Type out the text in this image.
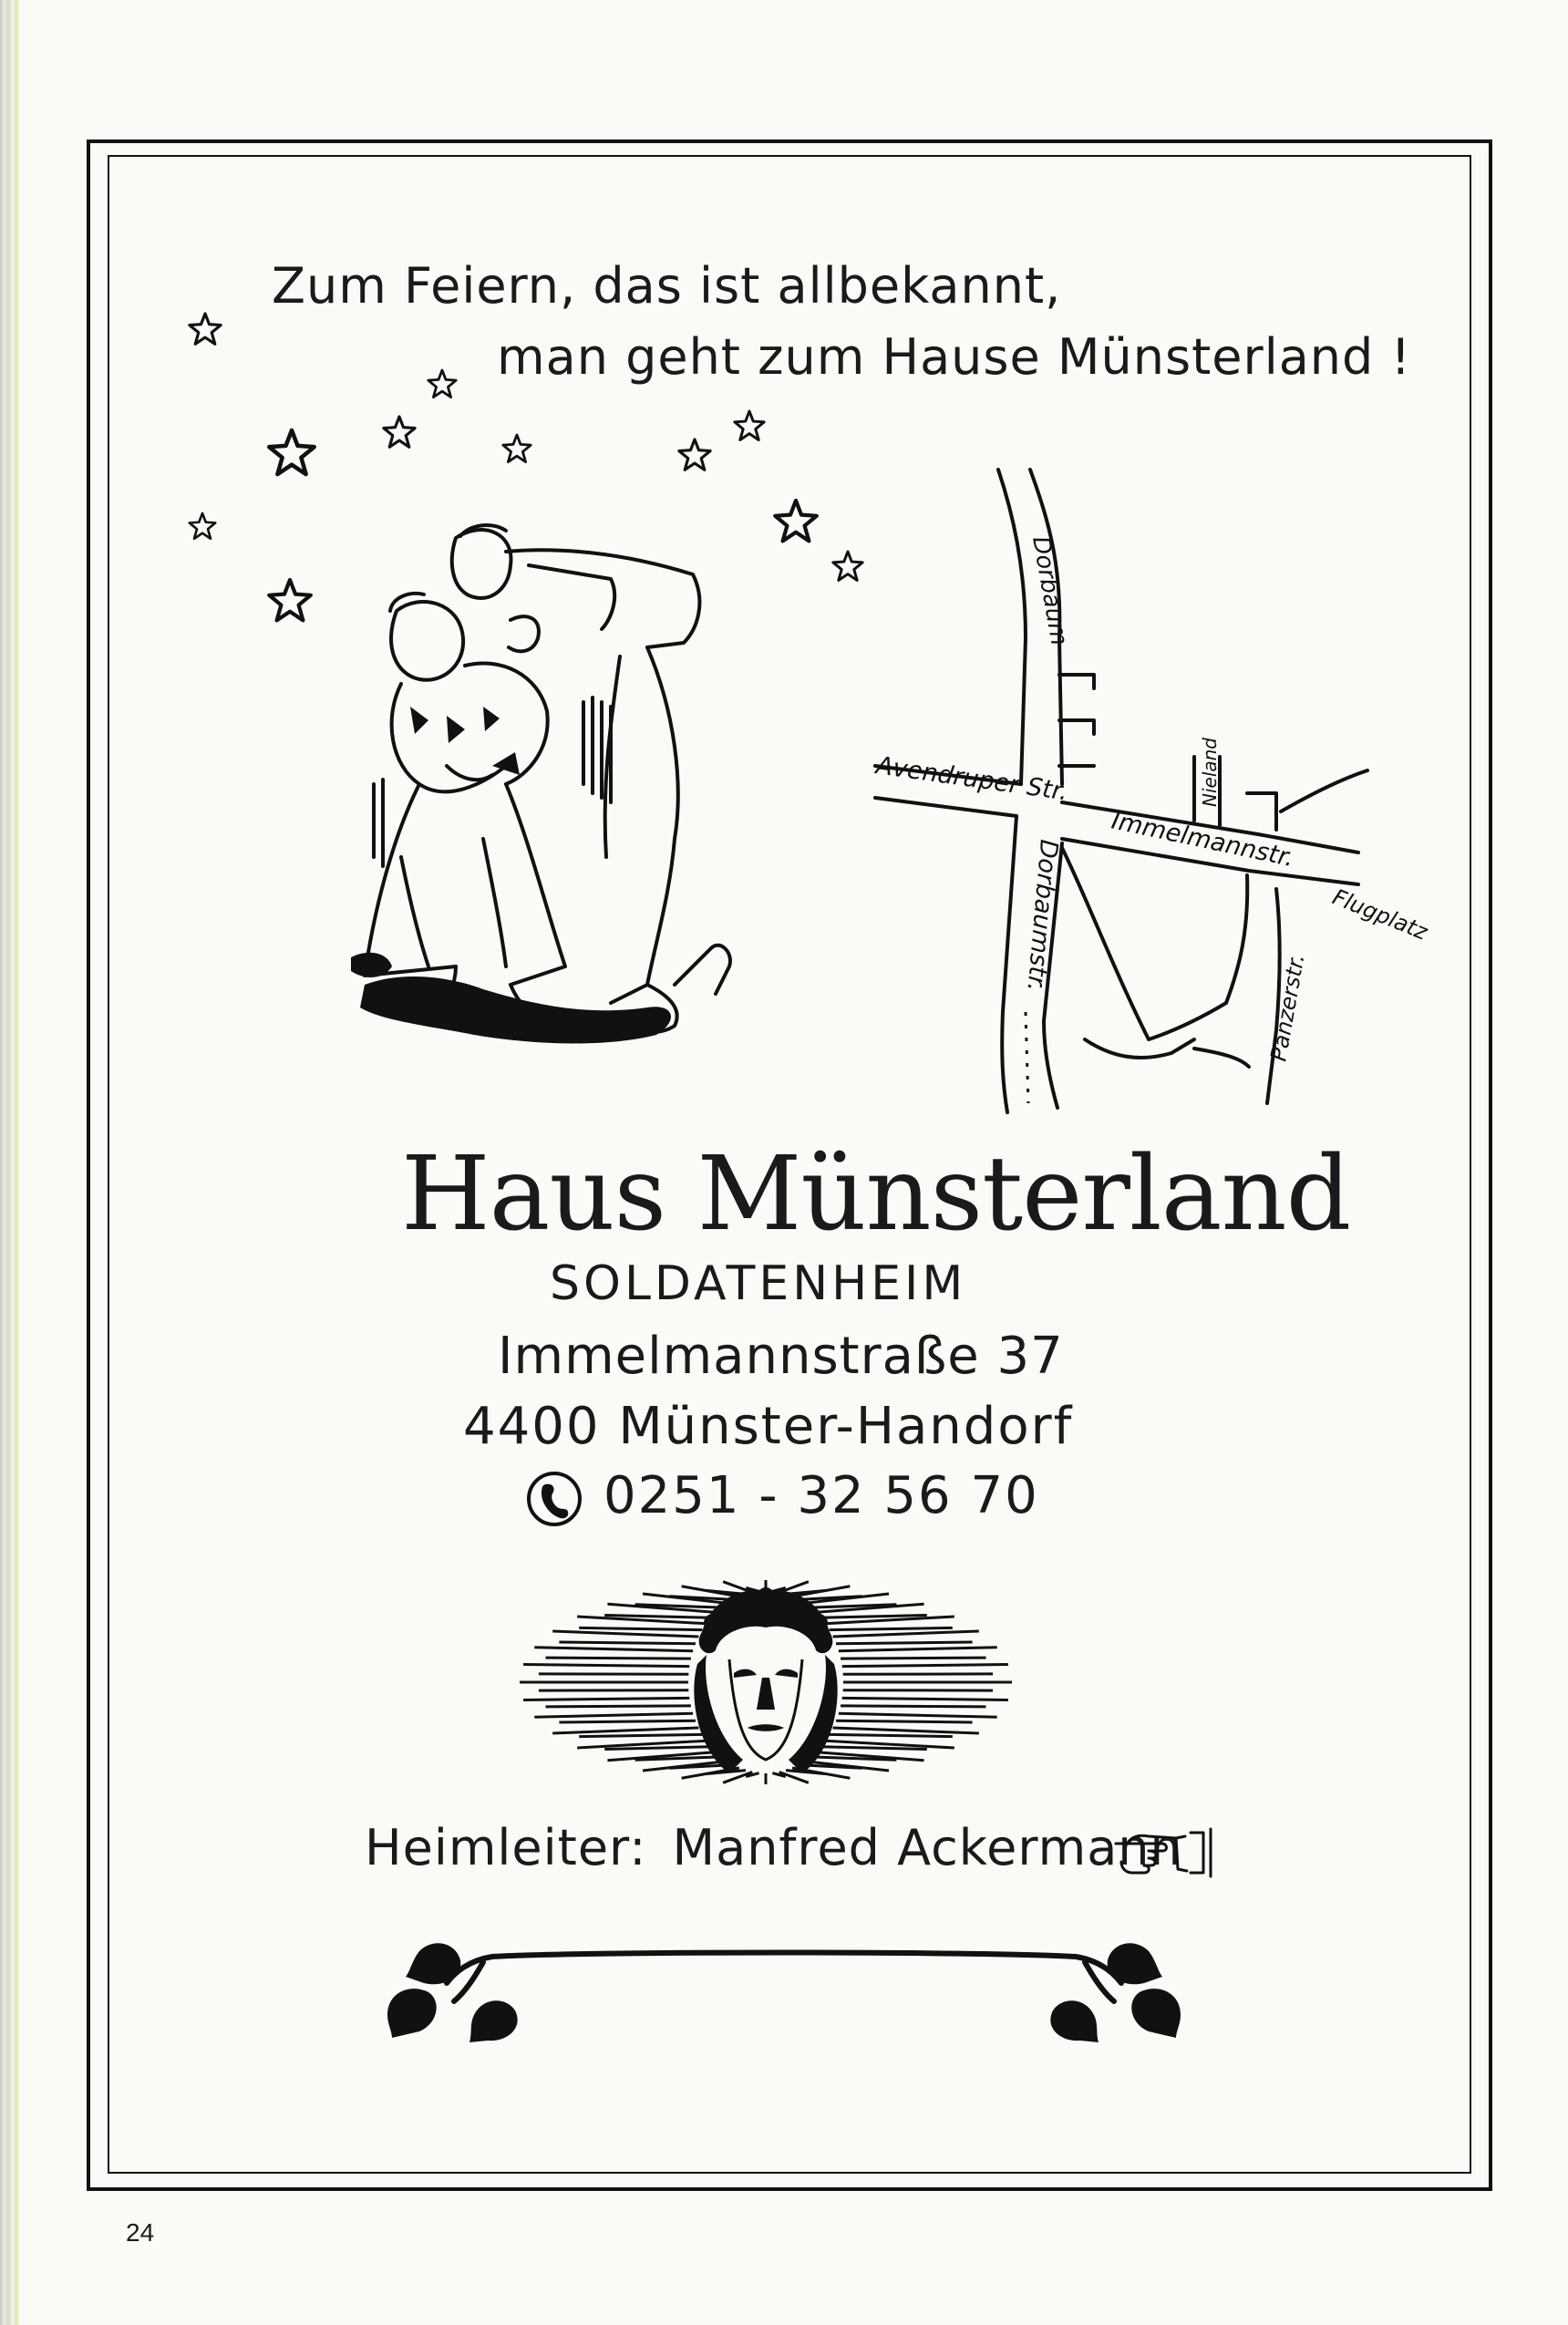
Zum Feiern, das ist allbekannt,
man geht zum Hause Münsterland !
Dorbaum
Avendruper Str.
Immelmannstr.
Nieland
Flugplatz
Dorbaumstr.
Panzerstr.
Haus Münsterland
SOLDATENHEIM
Immelmannstraße 37
4400 Münster-Handorf
0251 - 32 56 70
Heimleiter: Manfred Ackermann
24
